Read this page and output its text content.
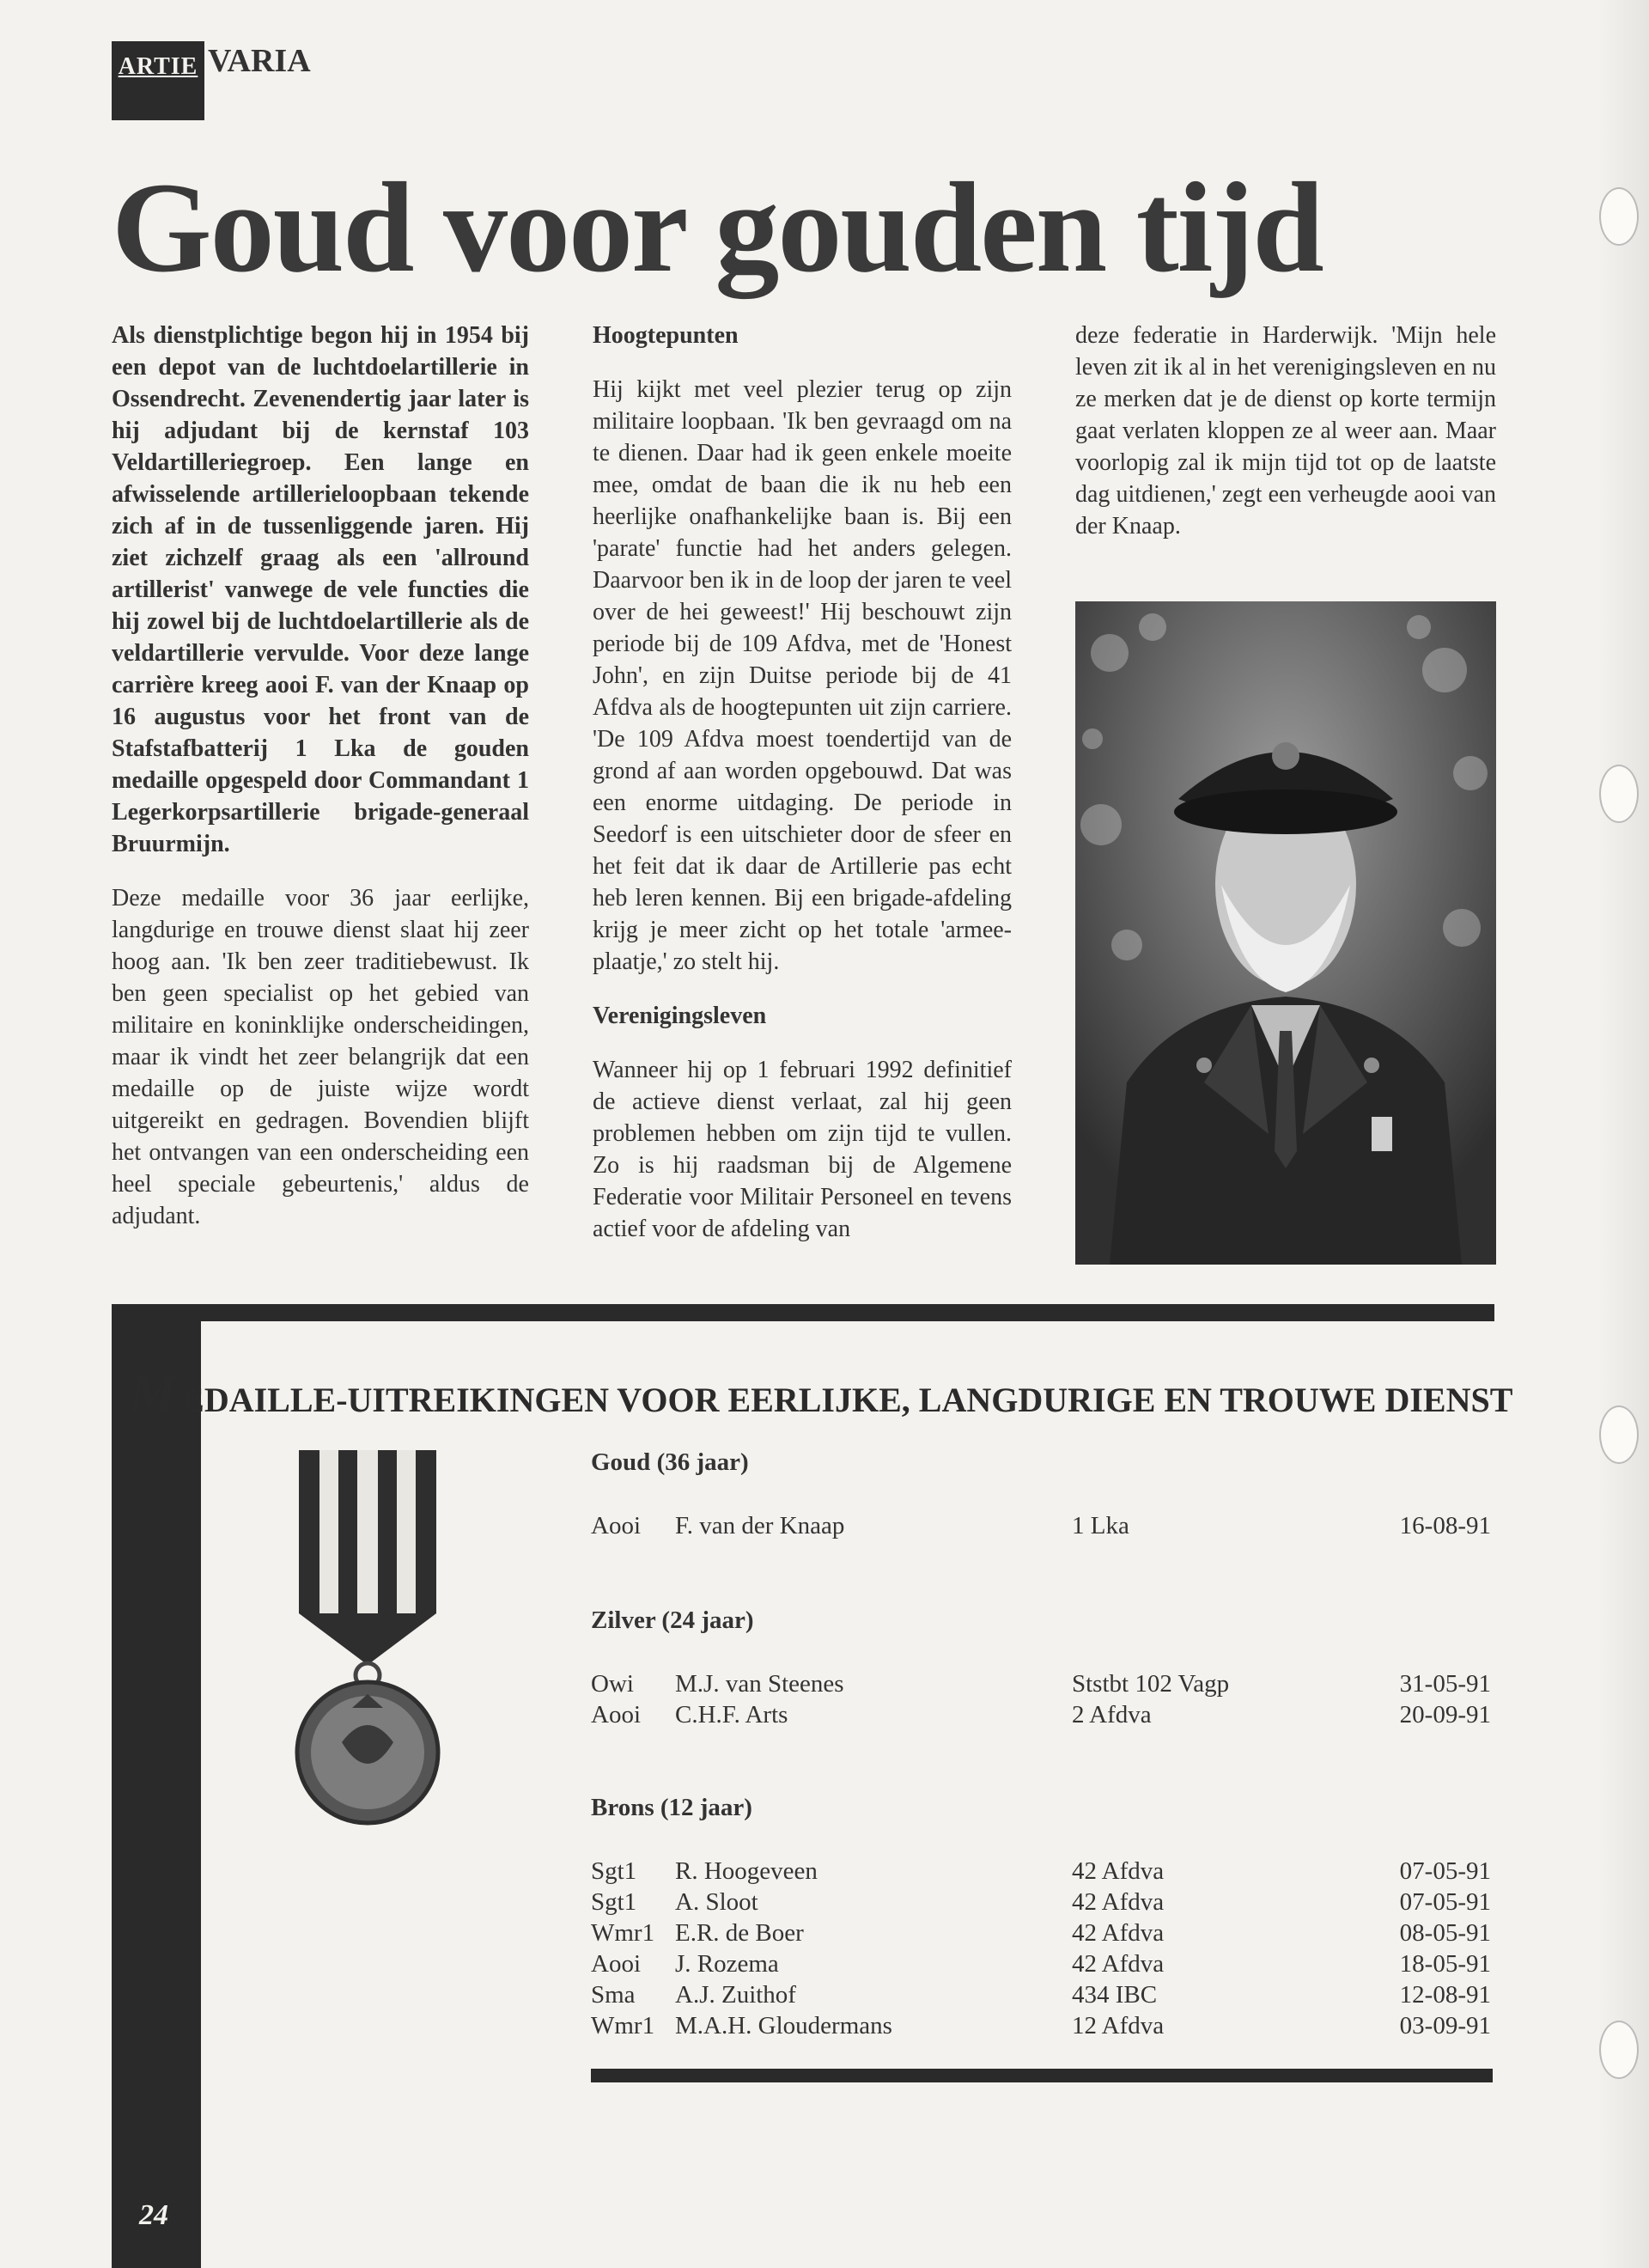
ARTIE VARIA
Goud voor gouden tijd

Als dienstplichtige begon hij in 1954 bij een depot van de luchtdoelartillerie in Ossendrecht. Zevenendertig jaar later is hij adjudant bij de kernstaf 103 Veldartilleriegroep. Een lange en afwisselende artillerieloopbaan tekende zich af in de tussenliggende jaren. Hij ziet zichzelf graag als een 'allround artillerist' vanwege de vele functies die hij zowel bij de luchtdoelartillerie als de veldartillerie vervulde. Voor deze lange carrière kreeg aooi F. van der Knaap op 16 augustus voor het front van de Stafstafbatterij 1 Lka de gouden medaille opgespeld door Commandant 1 Legerkorpsartillerie brigade-generaal Bruurmijn.

Deze medaille voor 36 jaar eerlijke, langdurige en trouwe dienst slaat hij zeer hoog aan. 'Ik ben zeer traditiebewust. Ik ben geen specialist op het gebied van militaire en koninklijke onderscheidingen, maar ik vindt het zeer belangrijk dat een medaille op de juiste wijze wordt uitgereikt en gedragen. Bovendien blijft het ontvangen van een onderscheiding een heel speciale gebeurtenis,' aldus de adjudant.

Hoogtepunten

Hij kijkt met veel plezier terug op zijn militaire loopbaan. 'Ik ben gevraagd om na te dienen. Daar had ik geen enkele moeite mee, omdat de baan die ik nu heb een heerlijke onafhankelijke baan is. Bij een 'parate' functie had het anders gelegen. Daarvoor ben ik in de loop der jaren te veel over de hei geweest!' Hij beschouwt zijn periode bij de 109 Afdva, met de 'Honest John', en zijn Duitse periode bij de 41 Afdva als de hoogtepunten uit zijn carriere. 'De 109 Afdva moest toendertijd van de grond af aan worden opgebouwd. Dat was een enorme uitdaging. De periode in Seedorf is een uitschieter door de sfeer en het feit dat ik daar de Artillerie pas echt heb leren kennen. Bij een brigade-afdeling krijg je meer zicht op het totale 'armee-plaatje,' zo stelt hij.

Verenigingsleven

Wanneer hij op 1 februari 1992 definitief de actieve dienst verlaat, zal hij geen problemen hebben om zijn tijd te vullen. Zo is hij raadsman bij de Algemene Federatie voor Militair Personeel en tevens actief voor de afdeling van

deze federatie in Harderwijk. 'Mijn hele leven zit ik al in het verenigingsleven en nu ze merken dat je de dienst op korte termijn gaat verlaten kloppen ze al weer aan. Maar voorlopig zal ik mijn tijd tot op de laatste dag uitdienen,' zegt een verheugde aooi van der Knaap.

M EDAILLE-UITREIKINGEN VOOR EERLIJKE, LANGDURIGE EN TROUWE DIENST
Goud (36 jaar)
Aooi F. van der Knaap	1 Lka	16-08-91
Zilver (24 jaar)
Owi M.J. van Steenes	Ststbt 102 Vagp	31-05-91
Aooi C.H.F. Arts	2 Afdva	20-09-91
Brons (12 jaar)
Sgt1 R. Hoogeveen	42 Afdva	07-05-91
Sgt1 A. Sloot	42 Afdva	07-05-91
Wmr1 E.R. de Boer	42 Afdva	08-05-91
Aooi J. Rozema	42 Afdva	18-05-91
Sma A.J. Zuithof	434 IBC	12-08-91
Wmr1 M.A.H. Gloudermans	12 Afdva	03-09-91
24
